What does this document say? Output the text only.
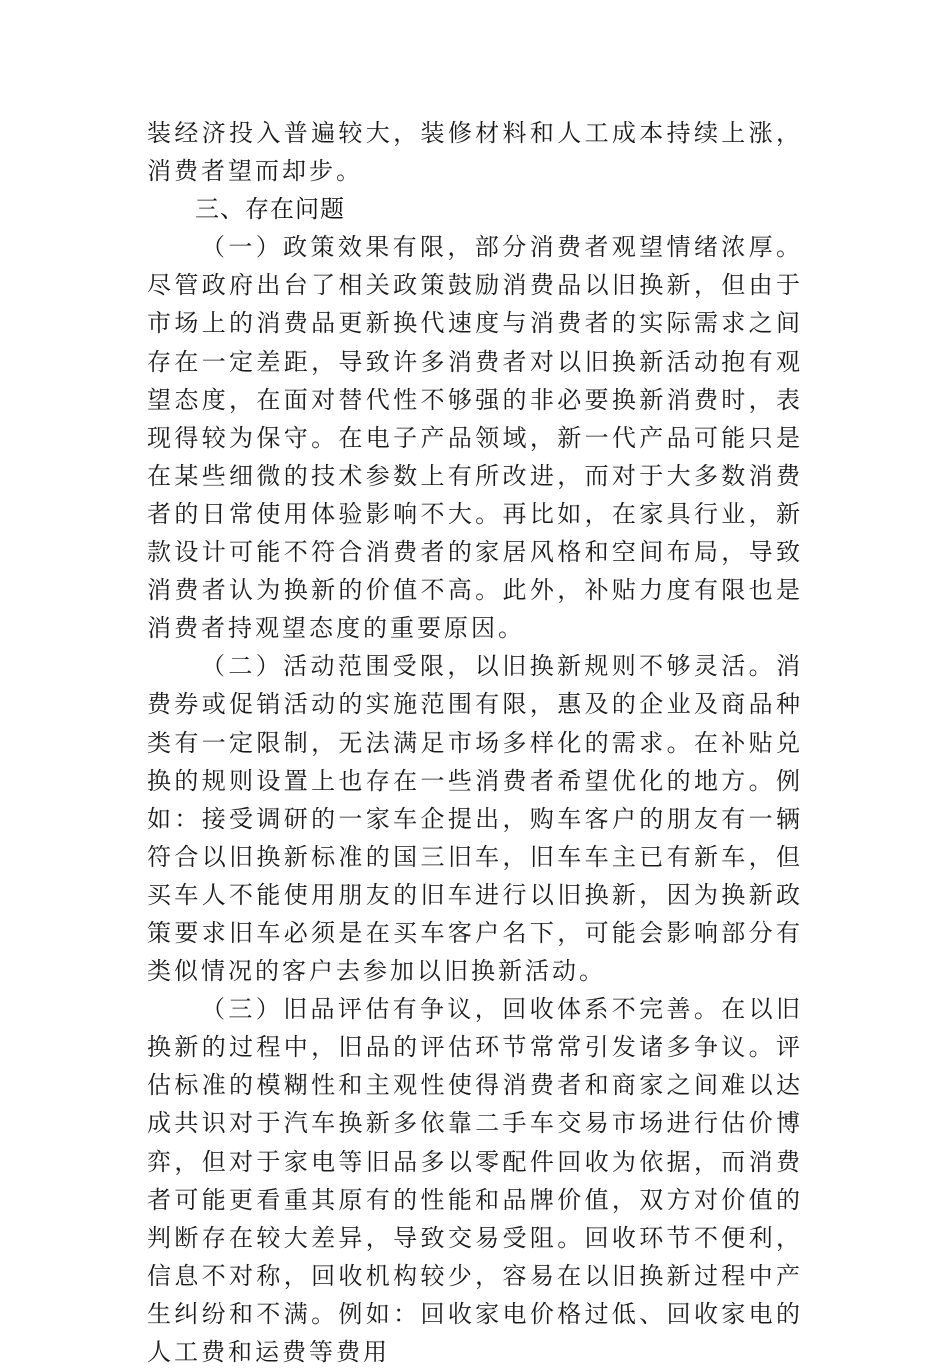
装经济投入普遍较大，装修材料和人工成本持续上涨，消费者望而却步。

三、存在问题

（一）政策效果有限，部分消费者观望情绪浓厚。尽管政府出台了相关政策鼓励消费品以旧换新，但由于市场上的消费品更新换代速度与消费者的实际需求之间存在一定差距，导致许多消费者对以旧换新活动抱有观望态度，在面对替代性不够强的非必要换新消费时，表现得较为保守。在电子产品领域，新一代产品可能只是在某些细微的技术参数上有所改进，而对于大多数消费者的日常使用体验影响不大。再比如，在家具行业，新款设计可能不符合消费者的家居风格和空间布局，导致消费者认为换新的价值不高。此外，补贴力度有限也是消费者持观望态度的重要原因。

（二）活动范围受限，以旧换新规则不够灵活。消费券或促销活动的实施范围有限，惠及的企业及商品种类有一定限制，无法满足市场多样化的需求。在补贴兑换的规则设置上也存在一些消费者希望优化的地方。例如：接受调研的一家车企提出，购车客户的朋友有一辆符合以旧换新标准的国三旧车，旧车车主已有新车，但买车人不能使用朋友的旧车进行以旧换新，因为换新政策要求旧车必须是在买车客户名下，可能会影响部分有类似情况的客户去参加以旧换新活动。

（三）旧品评估有争议，回收体系不完善。在以旧换新的过程中，旧品的评估环节常常引发诸多争议。评估标准的模糊性和主观性使得消费者和商家之间难以达成共识对于汽车换新多依靠二手车交易市场进行估价博弈，但对于家电等旧品多以零配件回收为依据，而消费者可能更看重其原有的性能和品牌价值，双方对价值的判断存在较大差异，导致交易受阻。回收环节不便利，信息不对称，回收机构较少，容易在以旧换新过程中产生纠纷和不满。例如：回收家电价格过低、回收家电的人工费和运费等费用
